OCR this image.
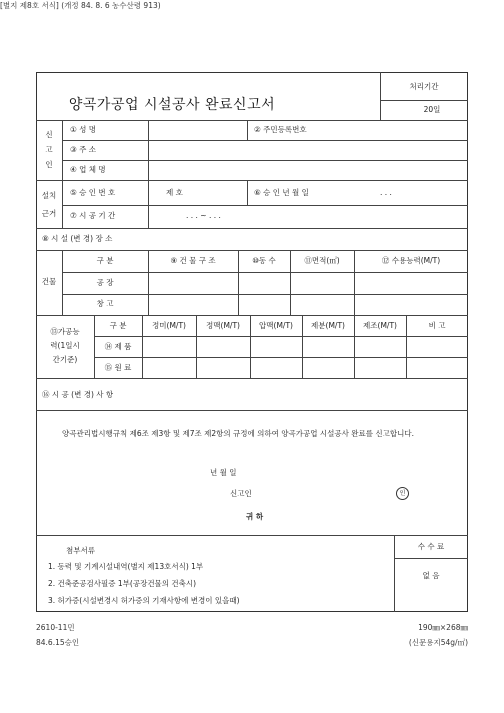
[별지 제8호 서식] (개정 84. 8. 6 농수산령 913)
양곡가공업 시설공사 완료신고서
처리기간
20일
신
고
인
① 성 명	② 주민등록번호
③ 주 소
④ 업 체 명
설치
근거
⑤ 승 인 번 호	제 호	⑥ 승 인 년 월 일	. . .
⑦ 시 공 기 간	. . . ~ . . .
⑧ 시 설 (변 경) 장 소
건물
구 분	⑨ 건 물 구 조	⑩동 수	⑪면적(㎡)	⑫ 수용능력(M/T)
공 장
창 고
⑬가공능
력(1일시
간기준)
구 분	정미(M/T)	정맥(M/T)	압맥(M/T) 제분(M/T) 제조(M/T)	비 고
⑭ 제 품
⑮ 원 료
⑯ 시 공 (변 경) 사 항
양곡관리법시행규칙 제6조 제3항 및 제7조 제2항의 규정에 의하여 양곡가공업 시설공사 완료를 신고합니다.
년 월 일
신고인	인
귀 하
첨부서류
1. 동력 및 기계시설내역(별지 제13호서식) 1부
2. 건축준공검사필증 1부(공장건물의 건축시)
3. 허가증(시설변경시 허가증의 기재사항에 변경이 있을때)
수 수 료
없 음
2610-11민
84.6.15승인
190㎜×268㎜
(신문용지54g/㎡)
